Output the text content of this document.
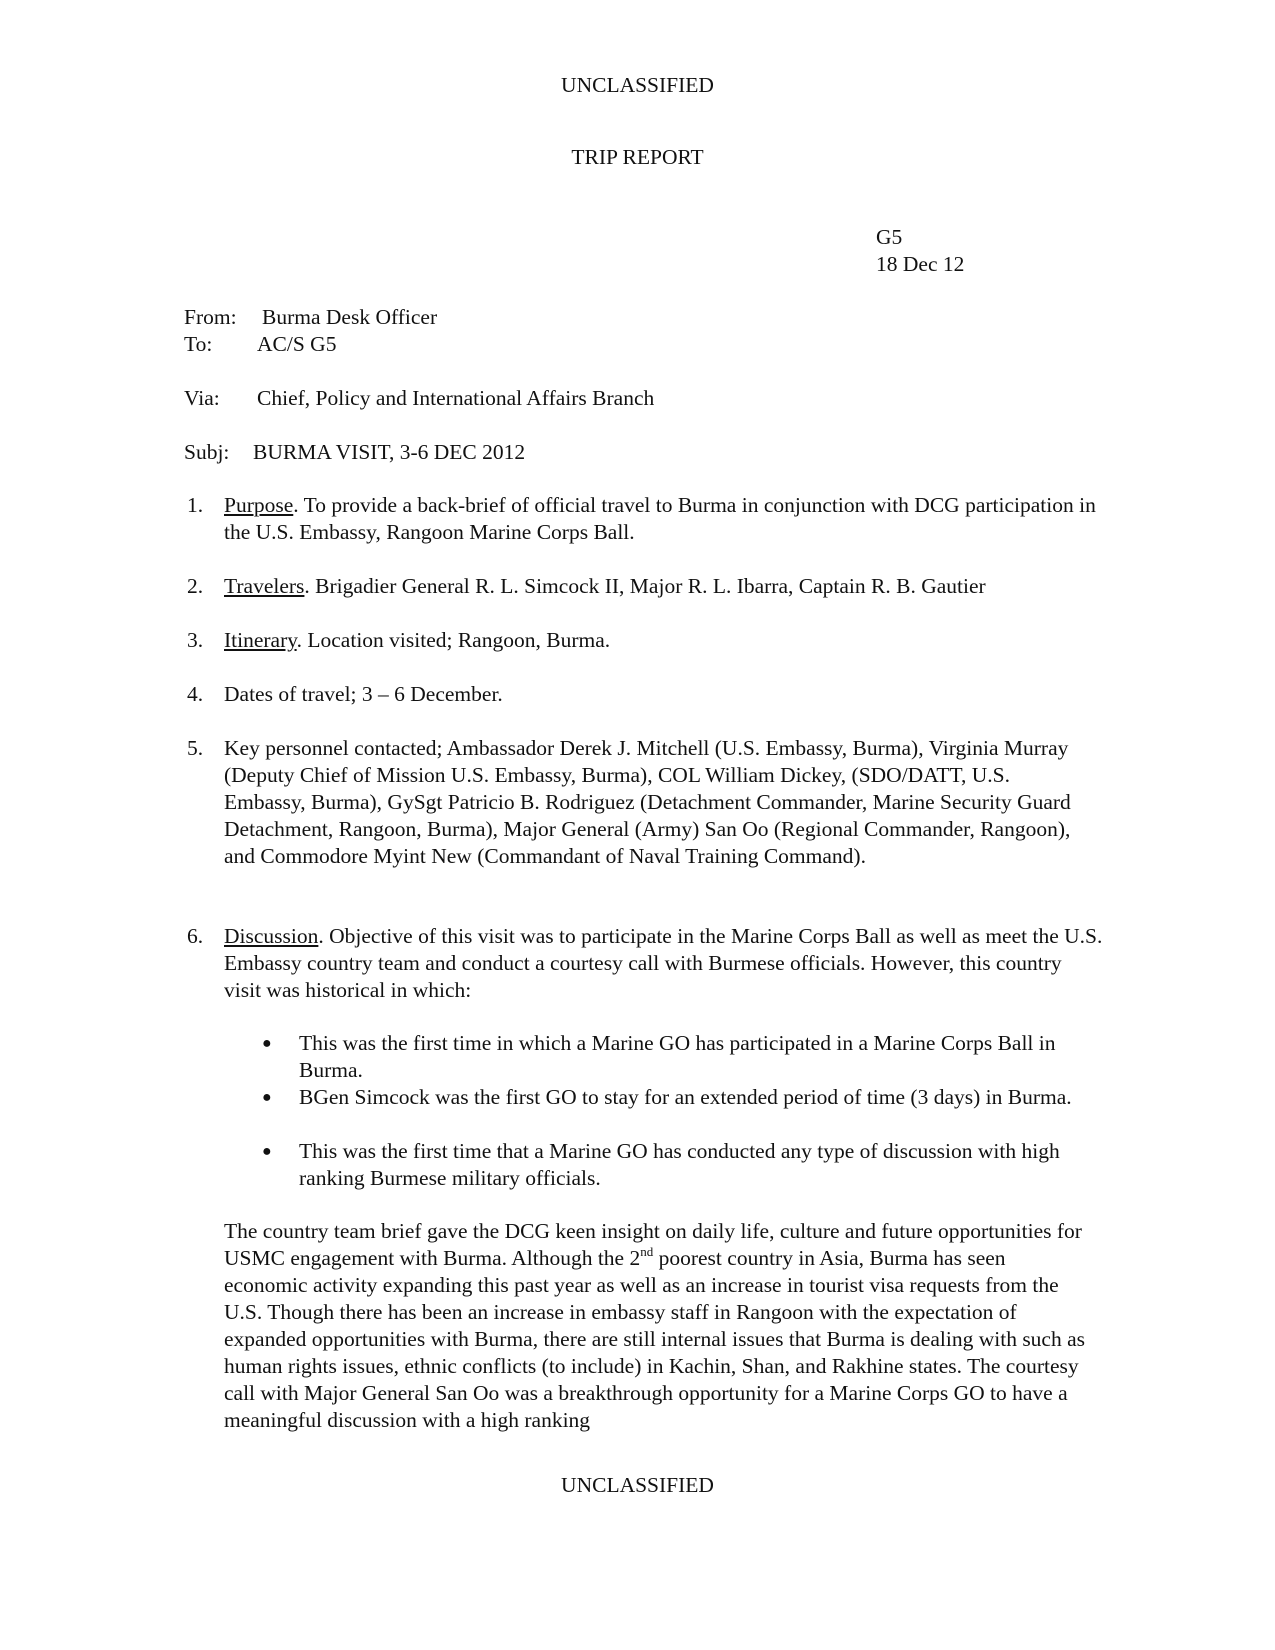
UNCLASSIFIED
TRIP REPORT
G5
18 Dec 12
From: Burma Desk Officer
To: AC/S G5
Via: Chief, Policy and International Affairs Branch
Subj: BURMA VISIT, 3-6 DEC 2012
1. Purpose. To provide a back-brief of official travel to Burma in conjunction with DCG participation in the U.S. Embassy, Rangoon Marine Corps Ball.
2. Travelers. Brigadier General R. L. Simcock II, Major R. L. Ibarra, Captain R. B. Gautier
3. Itinerary. Location visited; Rangoon, Burma.
4. Dates of travel; 3 – 6 December.
5. Key personnel contacted; Ambassador Derek J. Mitchell (U.S. Embassy, Burma), Virginia Murray (Deputy Chief of Mission U.S. Embassy, Burma), COL William Dickey, (SDO/DATT, U.S. Embassy, Burma), GySgt Patricio B. Rodriguez (Detachment Commander, Marine Security Guard Detachment, Rangoon, Burma), Major General (Army) San Oo (Regional Commander, Rangoon), and Commodore Myint New (Commandant of Naval Training Command).
6. Discussion. Objective of this visit was to participate in the Marine Corps Ball as well as meet the U.S. Embassy country team and conduct a courtesy call with Burmese officials. However, this country visit was historical in which:
● This was the first time in which a Marine GO has participated in a Marine Corps Ball in Burma.
● BGen Simcock was the first GO to stay for an extended period of time (3 days) in Burma.
● This was the first time that a Marine GO has conducted any type of discussion with high ranking Burmese military officials.
The country team brief gave the DCG keen insight on daily life, culture and future opportunities for USMC engagement with Burma. Although the 2nd poorest country in Asia, Burma has seen economic activity expanding this past year as well as an increase in tourist visa requests from the U.S. Though there has been an increase in embassy staff in Rangoon with the expectation of expanded opportunities with Burma, there are still internal issues that Burma is dealing with such as human rights issues, ethnic conflicts (to include) in Kachin, Shan, and Rakhine states. The courtesy call with Major General San Oo was a breakthrough opportunity for a Marine Corps GO to have a meaningful discussion with a high ranking
UNCLASSIFIED
